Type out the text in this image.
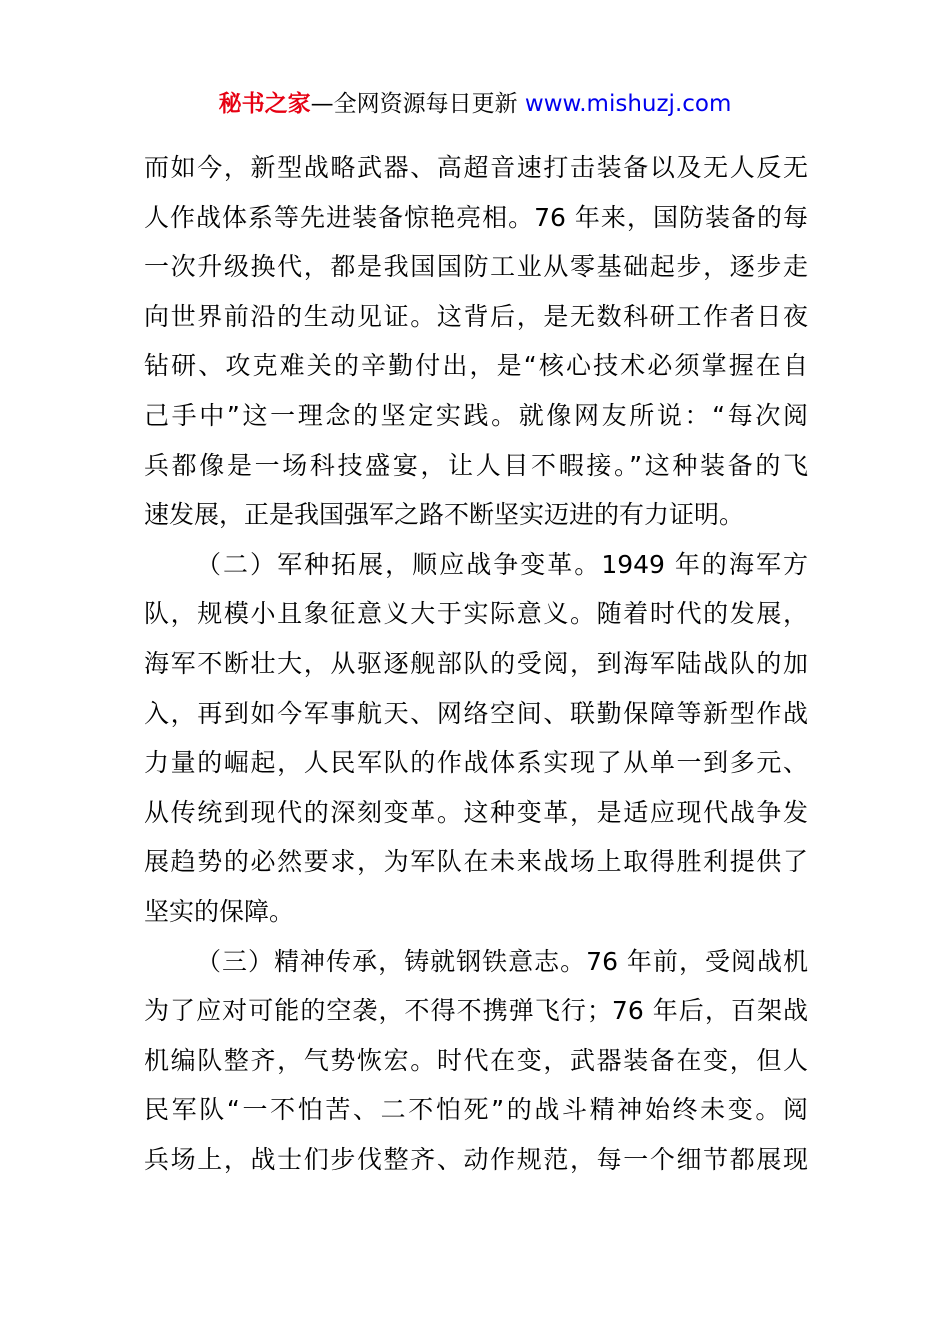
秘书之家—全网资源每日更新 www.mishuzj.com
而如今，新型战略武器、高超音速打击装备以及无人反无
人作战体系等先进装备惊艳亮相。76 年来，国防装备的每
一次升级换代，都是我国国防工业从零基础起步，逐步走
向世界前沿的生动见证。这背后，是无数科研工作者日夜
钻研、攻克难关的辛勤付出，是“核心技术必须掌握在自
己手中”这一理念的坚定实践。就像网友所说：“每次阅
兵都像是一场科技盛宴，让人目不暇接。”这种装备的飞
速发展，正是我国强军之路不断坚实迈进的有力证明。
（二）军种拓展，顺应战争变革。1949 年的海军方
队，规模小且象征意义大于实际意义。随着时代的发展，
海军不断壮大，从驱逐舰部队的受阅，到海军陆战队的加
入，再到如今军事航天、网络空间、联勤保障等新型作战
力量的崛起，人民军队的作战体系实现了从单一到多元、
从传统到现代的深刻变革。这种变革，是适应现代战争发
展趋势的必然要求，为军队在未来战场上取得胜利提供了
坚实的保障。
（三）精神传承，铸就钢铁意志。76 年前，受阅战机
为了应对可能的空袭，不得不携弹飞行；76 年后，百架战
机编队整齐，气势恢宏。时代在变，武器装备在变，但人
民军队“一不怕苦、二不怕死”的战斗精神始终未变。阅
兵场上，战士们步伐整齐、动作规范，每一个细节都展现
